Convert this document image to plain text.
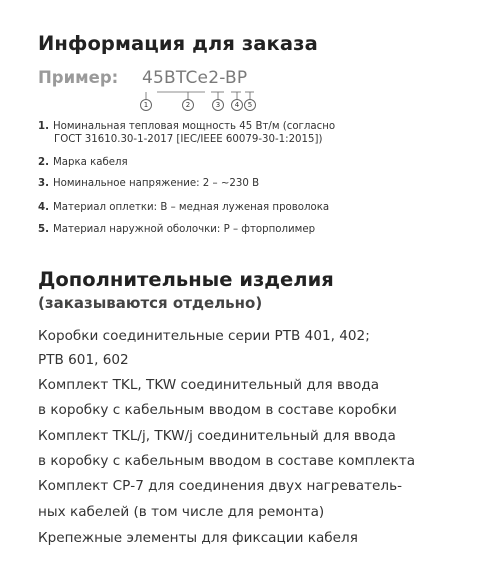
Информация для заказа
Пример: 45BTCe2-BP
1	2	3	4	5
1. Номинальная тепловая мощность 45 Вт/м (согласно
ГОСТ 31610.30-1-2017 [IEC/IEEE 60079-30-1:2015])
2. Марка кабеля
3. Номинальное напряжение: 2 – ~230 В
4. Материал оплетки: B – медная луженая проволока
5. Материал наружной оболочки: P – фторполимер
Дополнительные изделия
(заказываются отдельно)
Коробки соединительные серии РТВ 401, 402;
РТВ 601, 602
Комплект TKL, TKW соединительный для ввода
в коробку с кабельным вводом в составе коробки
Комплект TKL/j, TKW/j соединительный для ввода
в коробку с кабельным вводом в составе комплекта
Комплект СР-7 для соединения двух нагреватель-
ных кабелей (в том числе для ремонта)
Крепежные элементы для фиксации кабеля
